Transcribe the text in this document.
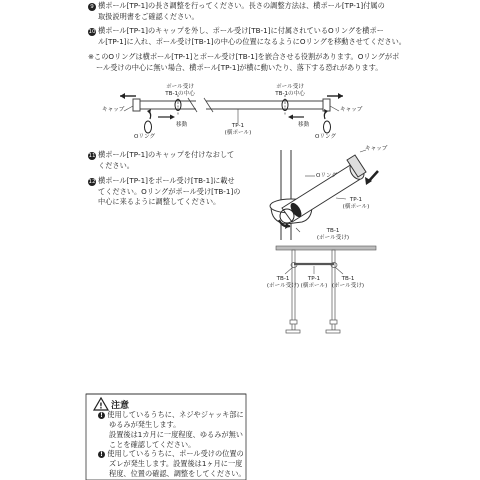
9 横ポール[TP-1]の長さ調整を行ってください。長さの調整方法は、横ポール[TP-1]付属の
取扱説明書をご確認ください。
10 横ポール[TP-1]のキャップを外し、ポール受け[TB-1]に付属されているOリングを横ポー
ル[TP-1]に入れ、ポール受け[TB-1]の中心の位置になるようにOリングを移動させてください。
※このOリングは横ポール[TP-1]とポール受け[TB-1]を嵌合させる役割があります。Oリングがポ
ール受けの中心に無い場合、横ポール[TP-1]が横に動いたり、落下する恐れがあります。
キャップ	キャップ
ポール受け
TB-1の中心
ポール受け
TB-1の中心
移動	移動
TP-1
(横ポール)
Oリング	Oリング
11 横ポール[TP-1]のキャップを付けなおして
ください。
12 横ポール[TP-1]をポール受け[TB-1]に載せ
てください。Oリングがポール受け[TB-1]の
中心に来るように調整してください。
キャップ
Oリング
TP-1
(横ポール)
TB-1
(ポール受け)
TB-1
(ポール受け)
TP-1
(横ポール)
TB-1
(ポール受け)
! 注意
! 使用しているうちに、ネジやジャッキ部に
ゆるみが発生します。
設置後は1カ月に一度程度、ゆるみが無い
ことを確認してください。
! 使用しているうちに、ポール受けの位置の
ズレが発生します。設置後は1ヶ月に一度
程度、位置の確認、調整をしてください。
